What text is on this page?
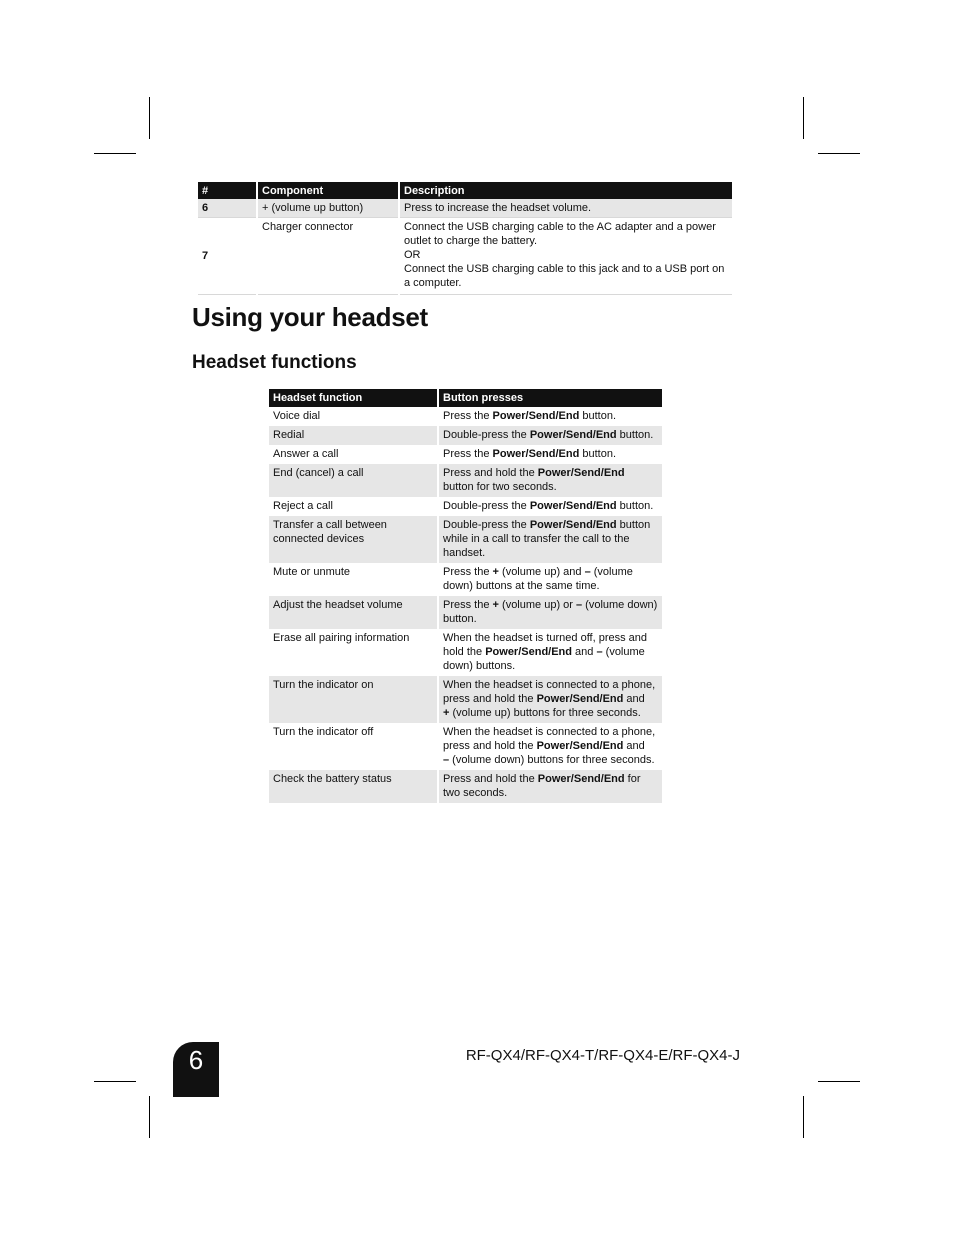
#	Component	Description
6	+ (volume up button)	Press to increase the headset volume.

7	Charger connector	Connect the USB charging cable to the AC adapter and a power outlet to charge the battery.
OR
Connect the USB charging cable to this jack and to a USB port on a computer.
Using your headset
Headset functions
Headset function	Button presses
Voice dial	Press the Power/Send/End button.
Redial	Double-press the Power/Send/End button.
Answer a call	Press the Power/Send/End button.
End (cancel) a call	Press and hold the Power/Send/End button for two seconds.
Reject a call	Double-press the Power/Send/End button.
Transfer a call between connected devices	Double-press the Power/Send/End button while in a call to transfer the call to the handset.
Mute or unmute	Press the + (volume up) and – (volume down) buttons at the same time.
Adjust the headset volume	Press the + (volume up) or – (volume down) button.
Erase all pairing information	When the headset is turned off, press and hold the Power/Send/End and – (volume down) buttons.
Turn the indicator on	When the headset is connected to a phone, press and hold the Power/Send/End and
+ (volume up) buttons for three seconds.
Turn the indicator off	When the headset is connected to a phone, press and hold the Power/Send/End and
– (volume down) buttons for three seconds.
Check the battery status	Press and hold the Power/Send/End for two seconds.
6	RF-QX4/RF-QX4-T/RF-QX4-E/RF-QX4-J
